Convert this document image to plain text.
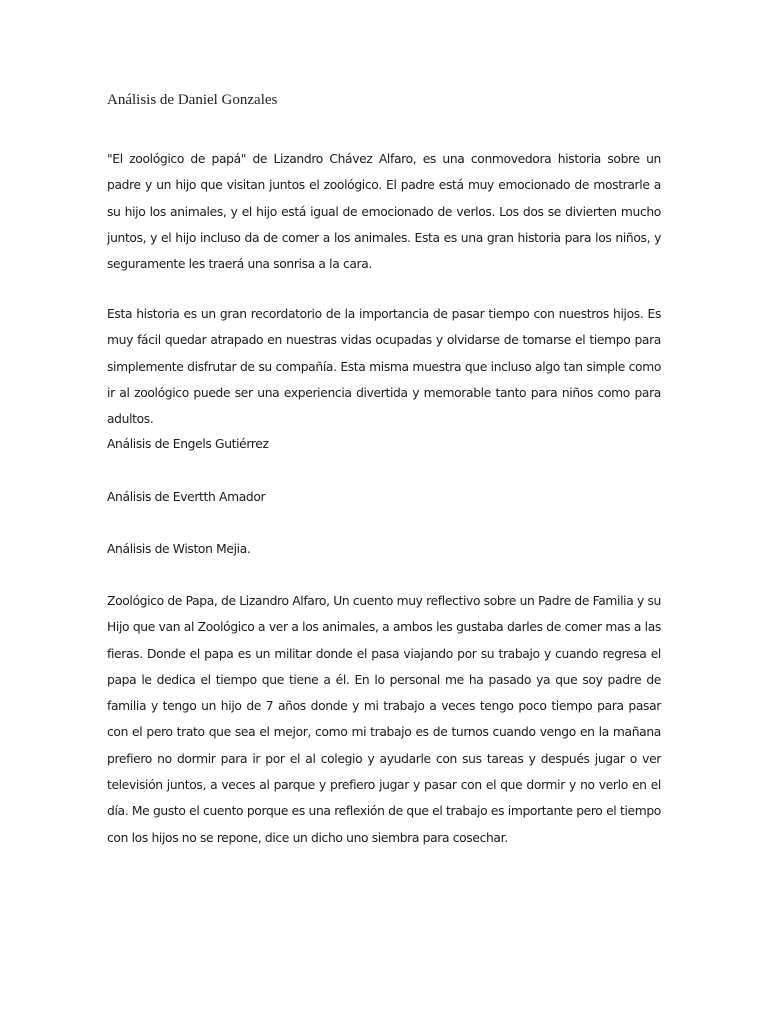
Análisis de Daniel Gonzales

"El zoológico de papá" de Lizandro Chávez Alfaro, es una conmovedora historia sobre un padre y un hijo que visitan juntos el zoológico. El padre está muy emocionado de mostrarle a su hijo los animales, y el hijo está igual de emocionado de verlos. Los dos se divierten mucho juntos, y el hijo incluso da de comer a los animales. Esta es una gran historia para los niños, y seguramente les traerá una sonrisa a la cara.

Esta historia es un gran recordatorio de la importancia de pasar tiempo con nuestros hijos. Es muy fácil quedar atrapado en nuestras vidas ocupadas y olvidarse de tomarse el tiempo para simplemente disfrutar de su compañía. Esta misma muestra que incluso algo tan simple como ir al zoológico puede ser una experiencia divertida y memorable tanto para niños como para adultos.

Análisis de Engels Gutiérrez

Análisis de Evertth Amador

Análisis de Wiston Mejia.

Zoológico de Papa, de Lizandro Alfaro, Un cuento muy reflectivo sobre un Padre de Familia y su Hijo que van al Zoológico a ver a los animales, a ambos les gustaba darles de comer mas a las fieras. Donde el papa es un militar donde el pasa viajando por su trabajo y cuando regresa el papa le dedica el tiempo que tiene a él. En lo personal me ha pasado ya que soy padre de familia y tengo un hijo de 7 años donde y mi trabajo a veces tengo poco tiempo para pasar con el pero trato que sea el mejor, como mi trabajo es de turnos cuando vengo en la mañana prefiero no dormir para ir por el al colegio y ayudarle con sus tareas y después jugar o ver televisión juntos, a veces al parque y prefiero jugar y pasar con el que dormir y no verlo en el día. Me gusto el cuento porque es una reflexión de que el trabajo es importante pero el tiempo con los hijos no se repone, dice un dicho uno siembra para cosechar.
